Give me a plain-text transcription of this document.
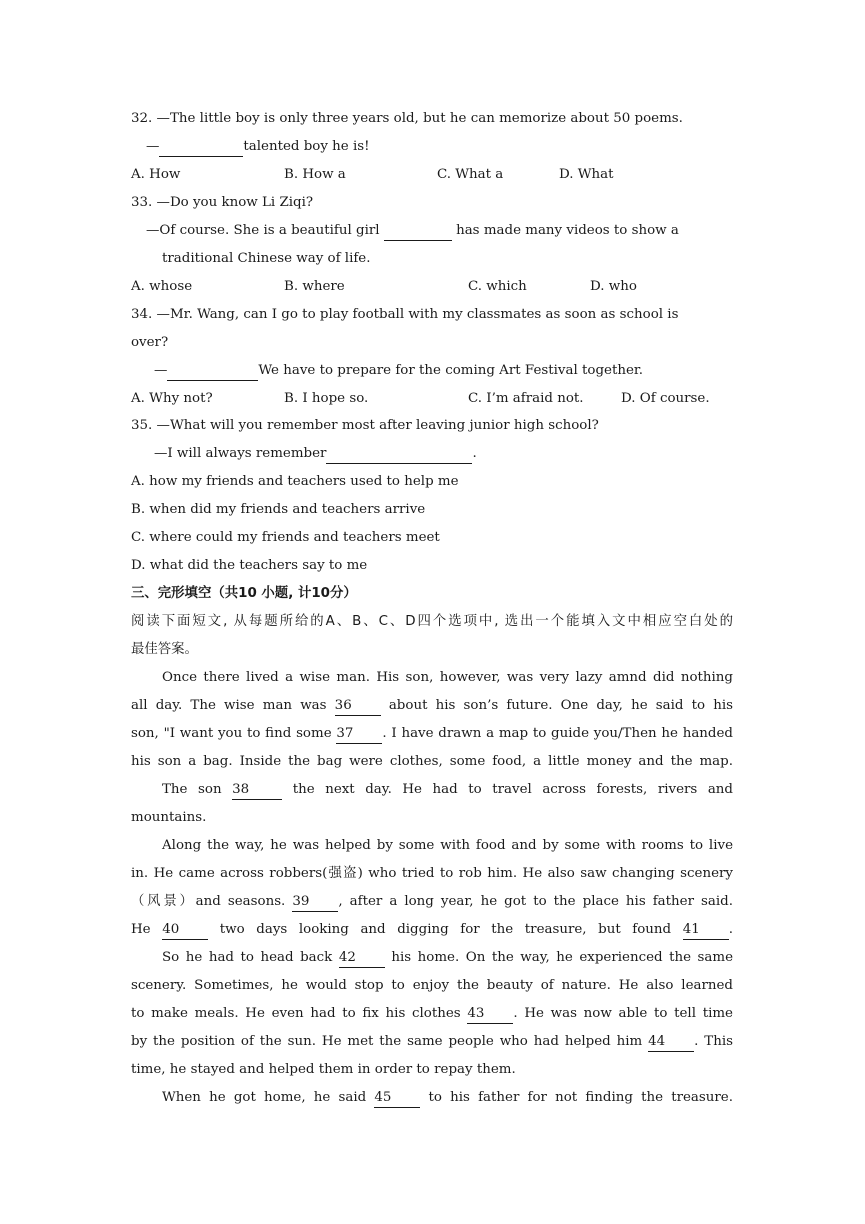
32. —The little boy is only three years old, but he can memorize about 50 poems.
—	talented boy he is!
A. How	B. How a	C. What a	D. What
33. —Do you know Li Ziqi?
—Of course. She is a beautiful girl	has made many videos to show a
traditional Chinese way of life.
A. whose	B. where	C. which	D. who
34. —Mr. Wang, can I go to play football with my classmates as soon as school is
over?
—	We have to prepare for the coming Art Festival together.
A. Why not?	B. I hope so.	C. I’m afraid not.	D. Of course.
35. —What will you remember most after leaving junior high school?
—I will always remember	.
A. how my friends and teachers used to help me
B. when did my friends and teachers arrive
C. where could my friends and teachers meet
D. what did the teachers say to me
三、完形填空（共10 小题, 计10分）
阅读下面短文, 从每题所给的A、B、C、D四个选项中, 选出一个能填入文中相应空白处的
最佳答案。
Once there lived a wise man. His son, however, was very lazy amnd did nothing
all day. The wise man was 36	about his son’s future. One day, he said to his
son, "I want you to find some 37 . I have drawn a map to guide you/Then he handed
his son a bag. Inside the bag were clothes, some food, a little money and the map.
The son 38	the next day. He had to travel across forests, rivers and
mountains.
Along the way, he was helped by some with food and by some with rooms to live
in. He came across robbers(强盗) who tried to rob him. He also saw changing scenery
（风景）and seasons. 39 , after a long year, he got to the place his father said.
He 40	two days looking and digging for the treasure, but found 41 .
So he had to head back 42	his home. On the way, he experienced the same
scenery. Sometimes, he would stop to enjoy the beauty of nature. He also learned
to make meals. He even had to fix his clothes 43 . He was now able to tell time
by the position of the sun. He met the same people who had helped him 44 . This
time, he stayed and helped them in order to repay them.
When he got home, he said 45	to his father for not finding the treasure.
